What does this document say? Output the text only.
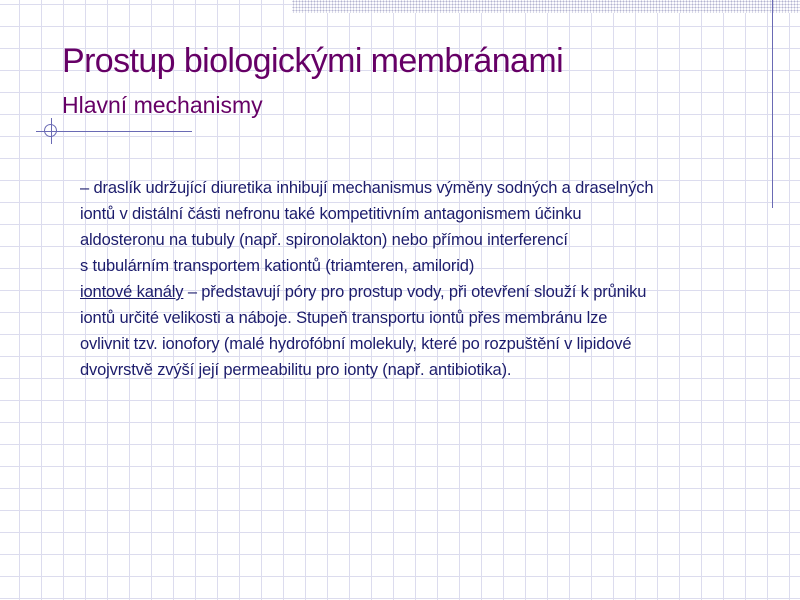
Prostup biologickými membránami
Hlavní mechanismy

– draslík udržující diuretika inhibují mechanismus výměny sodných a draselných
iontů v distální části nefronu také kompetitivním antagonismem účinku
aldosteronu na tubuly (např. spironolakton) nebo přímou interferencí
s tubulárním transportem kationtů (triamteren, amilorid)

iontové kanály – představují póry pro prostup vody, při otevření slouží k průniku
iontů určité velikosti a náboje. Stupeň transportu iontů přes membránu lze
ovlivnit tzv. ionofory (malé hydrofóbní molekuly, které po rozpuštění v lipidové
dvojvrstvě zvýší její permeabilitu pro ionty (např. antibiotika).
